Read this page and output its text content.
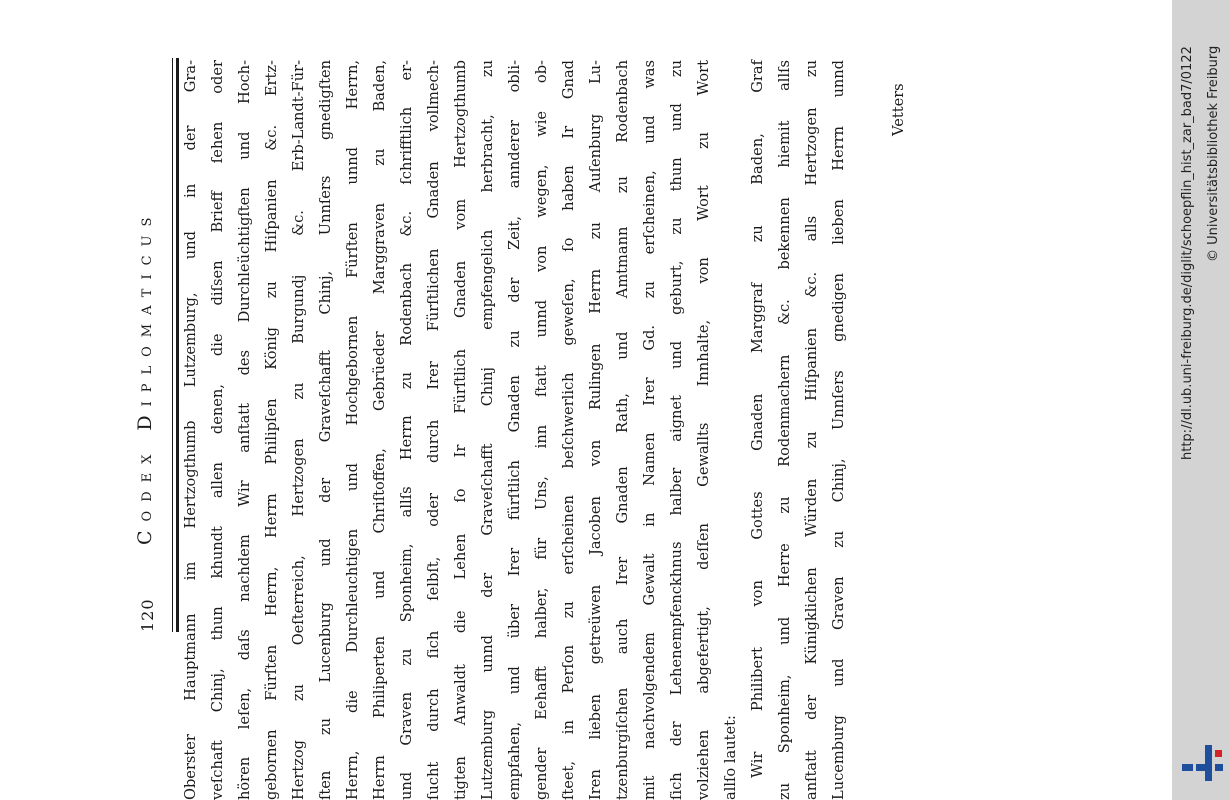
120
Codex Diplomaticus Oberster Hauptmann im Hertzogthumb Lutzemburg, und in der Gra- veſchaft Chinj, thun khundt allen denen, die diſsen Brieff ſehen oder hören leſen, daſs nachdem Wir anſtatt des Durchleüchtigſten und Hoch- gebornen Fürſten Herrn, Herrn Philipſen König zu Hiſpanien &c. Ertz- Hertzog zu Oeſterreich, Hertzogen zu Burgundj &c. Erb-Landt-Für- ſten zu Lucenburg und der Graveſchafft Chinj, Unnſers gnedigſten Herrn, die Durchleuchtigen und Hochgebornen Fürſten unnd Herrn, Herrn Philiperten und Chriſtoffen, Gebrüeder Marggraven zu Baden, und Graven zu Sponheim, allſs Herrn zu Rodenbach &c. ſchrifftlich er- ſucht durch ſich ſelbſt, oder durch Irer Fürſtlichen Gnaden vollmech- tigten Anwaldt die Lehen ſo Ir Fürſtlich Gnaden vom Hertzogthumb Lutzemburg unnd der Graveſchafft Chinj empfengelich herbracht, zu empfahen, und über Irer fürſtlich Gnaden zu der Zeit, annderer obli- gender Eehafft halber, für Uns, inn ſtatt unnd von wegen, wie ob- ſteet, in Perſon zu erſcheinen beſchwerlich geweſen, ſo haben Ir Gnad Iren lieben getreüwen Jacoben von Rulingen Herrn zu Auſenburg Lu- tzenburgiſchen auch Irer Gnaden Rath, und Amtmann zu Rodenbach mit nachvolgendem Gewalt in Namen Irer Gd. zu erſcheinen, und was ſich der Lehenempfenckhnus halber aignet und geburt, zu thun und zu volziehen abgefertigt, deſſen Gewallts Innhalte, von Wort zu Wort allſo lautet: Wir Philibert von Gottes Gnaden Marggraf zu Baden, Graf zu Sponheim, und Herre zu Rodenmachern &c. bekennen hiemit allſs anſtatt der Künigklichen Würden zu Hiſpanien &c. alls Hertzogen zu Lucemburg und Graven zu Chinj, Unnſers gnedigen lieben Herrn unnd	Vetters	http://dl.ub.uni-freiburg.de/diglit/schoepflin_hist_zar_bad7/0122 © Universitätsbibliothek Freiburg
